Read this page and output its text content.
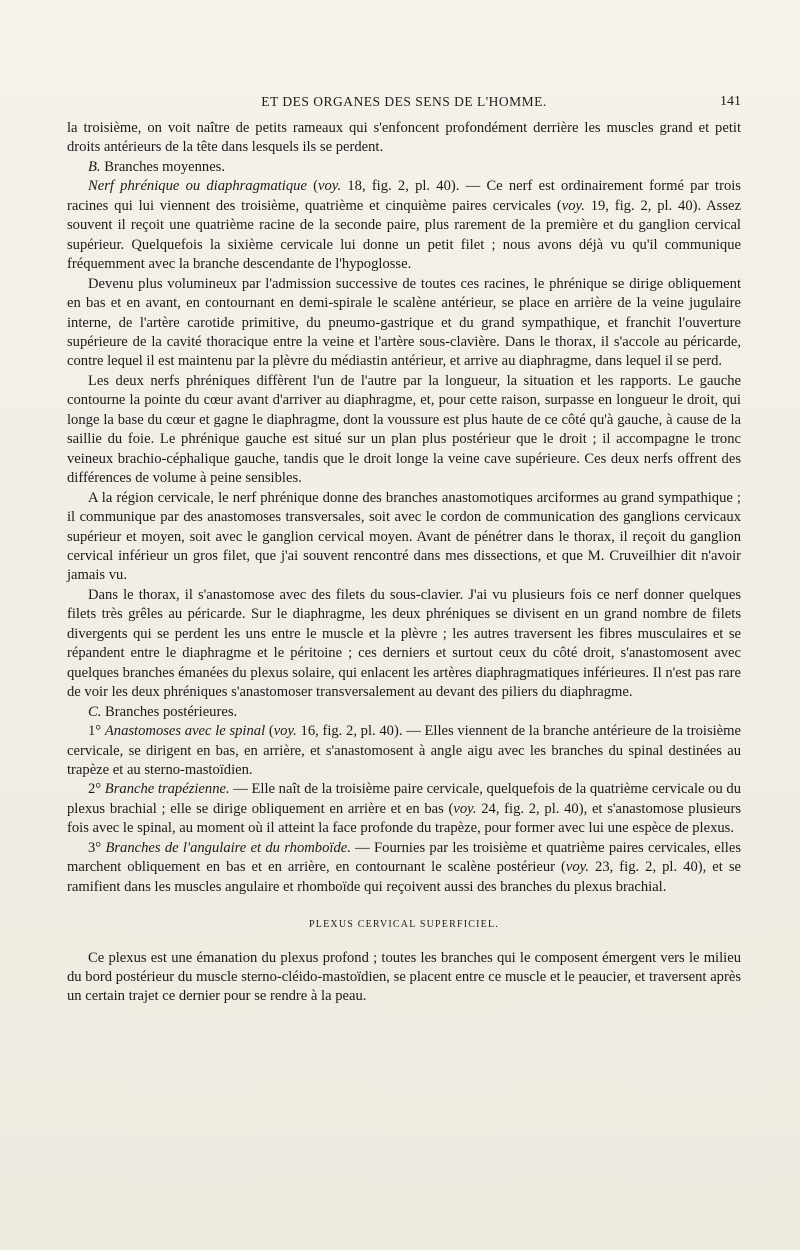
ET DES ORGANES DES SENS DE L'HOMME.	141

la troisième, on voit naître de petits rameaux qui s'enfoncent profondément derrière les muscles grand et petit droits antérieurs de la tête dans lesquels ils se perdent.

B. Branches moyennes.

Nerf phrénique ou diaphragmatique (voy. 18, fig. 2, pl. 40). — Ce nerf est ordinairement formé par trois racines qui lui viennent des troisième, quatrième et cinquième paires cervicales (voy. 19, fig. 2, pl. 40). Assez souvent il reçoit une quatrième racine de la seconde paire, plus rarement de la première et du ganglion cervical supérieur. Quelquefois la sixième cervicale lui donne un petit filet ; nous avons déjà vu qu'il communique fréquemment avec la branche descendante de l'hypoglosse.

Devenu plus volumineux par l'admission successive de toutes ces racines, le phrénique se dirige obliquement en bas et en avant, en contournant en demi-spirale le scalène antérieur, se place en arrière de la veine jugulaire interne, de l'artère carotide primitive, du pneumo-gastrique et du grand sympathique, et franchit l'ouverture supérieure de la cavité thoracique entre la veine et l'artère sous-clavière. Dans le thorax, il s'accole au péricarde, contre lequel il est maintenu par la plèvre du médiastin antérieur, et arrive au diaphragme, dans lequel il se perd.

Les deux nerfs phréniques diffèrent l'un de l'autre par la longueur, la situation et les rapports. Le gauche contourne la pointe du cœur avant d'arriver au diaphragme, et, pour cette raison, surpasse en longueur le droit, qui longe la base du cœur et gagne le diaphragme, dont la voussure est plus haute de ce côté qu'à gauche, à cause de la saillie du foie. Le phrénique gauche est situé sur un plan plus postérieur que le droit ; il accompagne le tronc veineux brachio-céphalique gauche, tandis que le droit longe la veine cave supérieure. Ces deux nerfs offrent des différences de volume à peine sensibles.

A la région cervicale, le nerf phrénique donne des branches anastomotiques arciformes au grand sympathique ; il communique par des anastomoses transversales, soit avec le cordon de communication des ganglions cervicaux supérieur et moyen, soit avec le ganglion cervical moyen. Avant de pénétrer dans le thorax, il reçoit du ganglion cervical inférieur un gros filet, que j'ai souvent rencontré dans mes dissections, et que M. Cruveilhier dit n'avoir jamais vu.

Dans le thorax, il s'anastomose avec des filets du sous-clavier. J'ai vu plusieurs fois ce nerf donner quelques filets très grêles au péricarde. Sur le diaphragme, les deux phréniques se divisent en un grand nombre de filets divergents qui se perdent les uns entre le muscle et la plèvre ; les autres traversent les fibres musculaires et se répandent entre le diaphragme et le péritoine ; ces derniers et surtout ceux du côté droit, s'anastomosent avec quelques branches émanées du plexus solaire, qui enlacent les artères diaphragmatiques inférieures. Il n'est pas rare de voir les deux phréniques s'anastomoser transversalement au devant des piliers du diaphragme.

C. Branches postérieures.

1° Anastomoses avec le spinal (voy. 16, fig. 2, pl. 40). — Elles viennent de la branche antérieure de la troisième cervicale, se dirigent en bas, en arrière, et s'anastomosent à angle aigu avec les branches du spinal destinées au trapèze et au sterno-mastoïdien.

2° Branche trapézienne. — Elle naît de la troisième paire cervicale, quelquefois de la quatrième cervicale ou du plexus brachial ; elle se dirige obliquement en arrière et en bas (voy. 24, fig. 2, pl. 40), et s'anastomose plusieurs fois avec le spinal, au moment où il atteint la face profonde du trapèze, pour former avec lui une espèce de plexus.

3° Branches de l'angulaire et du rhomboïde. — Fournies par les troisième et quatrième paires cervicales, elles marchent obliquement en bas et en arrière, en contournant le scalène postérieur (voy. 23, fig. 2, pl. 40), et se ramifient dans les muscles angulaire et rhomboïde qui reçoivent aussi des branches du plexus brachial.

PLEXUS CERVICAL SUPERFICIEL.

Ce plexus est une émanation du plexus profond ; toutes les branches qui le composent émergent vers le milieu du bord postérieur du muscle sterno-cléido-mastoïdien, se placent entre ce muscle et le peaucier, et traversent après un certain trajet ce dernier pour se rendre à la peau.
